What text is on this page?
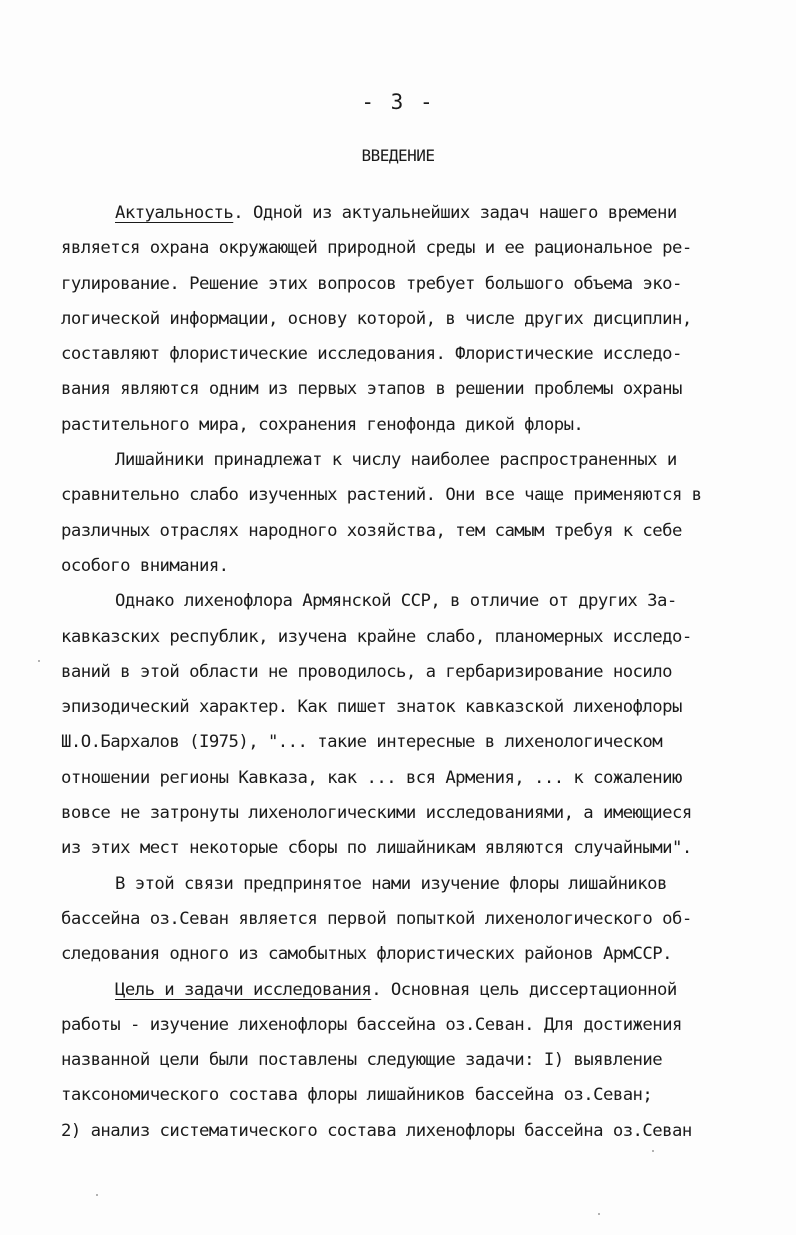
- 3 -
ВВЕДЕНИЕ
Актуальность. Одной из актуальнейших задач нашего времени
является охрана окружающей природной среды и ее рациональное ре-
гулирование. Решение этих вопросов требует большого объема эко-
логической информации, основу которой, в числе других дисциплин,
составляют флористические исследования. Флористические исследо-
вания являются одним из первых этапов в решении проблемы охраны
растительного мира, сохранения генофонда дикой флоры.
Лишайники принадлежат к числу наиболее распространенных и
сравнительно слабо изученных растений. Они все чаще применяются в
различных отраслях народного хозяйства, тем самым требуя к себе
особого внимания.
Однако лихенофлора Армянской ССР, в отличие от других За-
кавказских республик, изучена крайне слабо, планомерных исследо-
ваний в этой области не проводилось, а гербаризирование носило
эпизодический характер. Как пишет знаток кавказской лихенофлоры
Ш.О.Бархалов (I975), "... такие интересные в лихенологическом
отношении регионы Кавказа, как ... вся Армения, ... к сожалению
вовсе не затронуты лихенологическими исследованиями, а имеющиеся
из этих мест некоторые сборы по лишайникам являются случайными".
В этой связи предпринятое нами изучение флоры лишайников
бассейна оз.Севан является первой попыткой лихенологического об-
следования одного из самобытных флористических районов АрмССР.
Цель и задачи исследования. Основная цель диссертационной
работы - изучение лихенофлоры бассейна оз.Севан. Для достижения
названной цели были поставлены следующие задачи: I) выявление
таксономического состава флоры лишайников бассейна оз.Севан;
2) анализ систематического состава лихенофлоры бассейна оз.Севан
